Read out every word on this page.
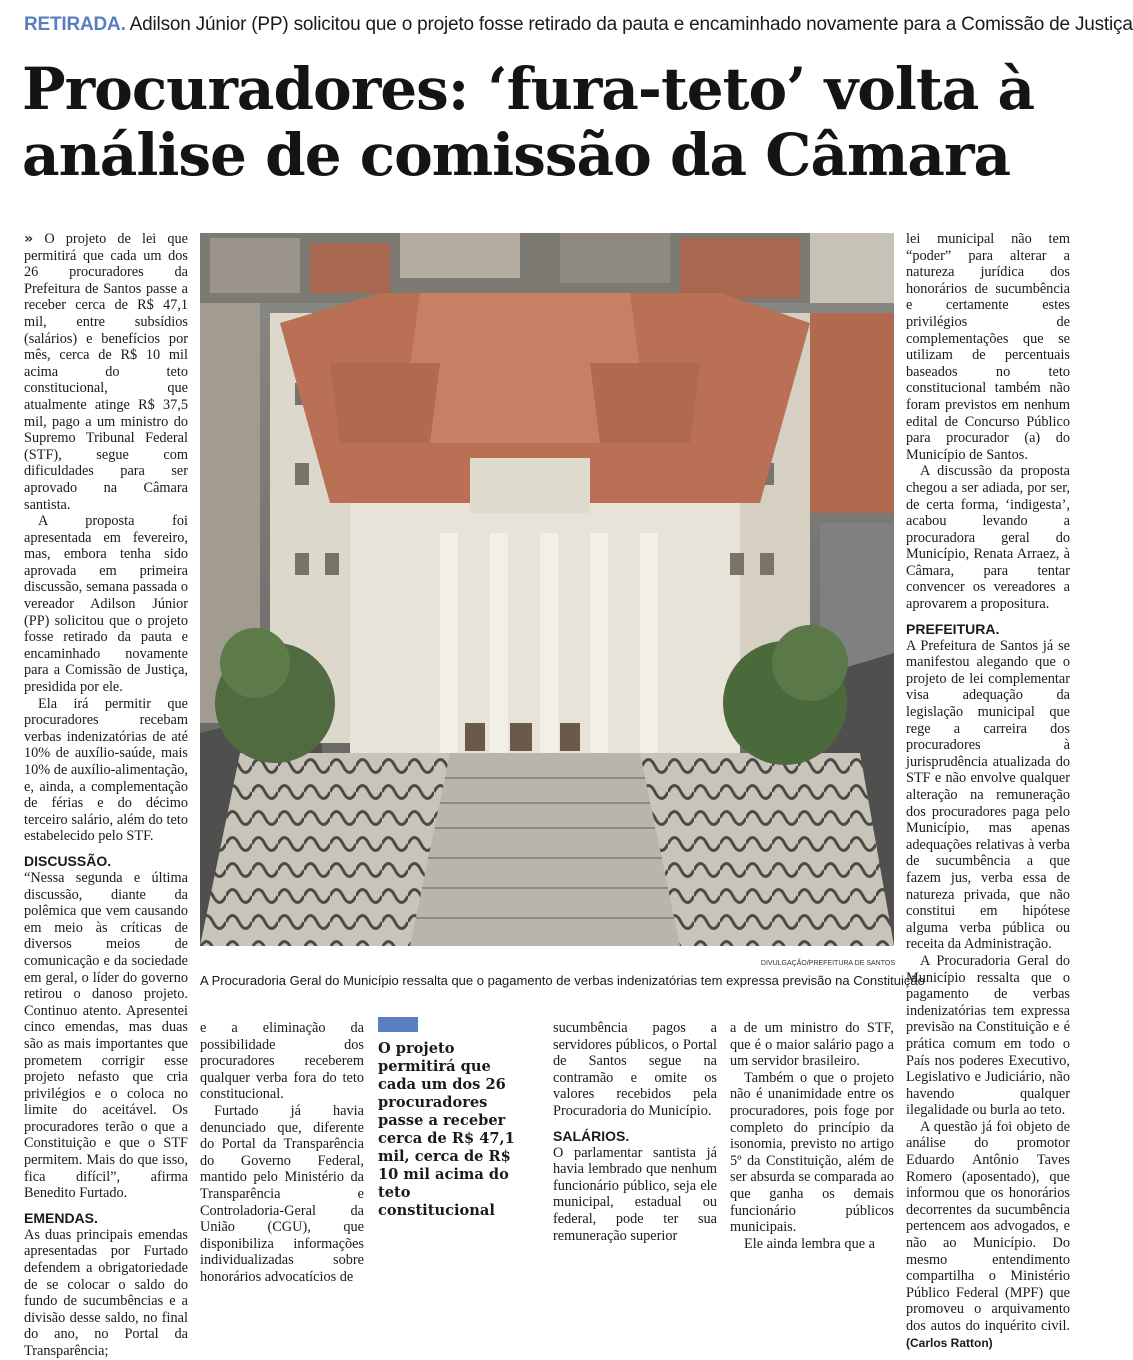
RETIRADA. Adilson Júnior (PP) solicitou que o projeto fosse retirado da pauta e encaminhado novamente para a Comissão de Justiça
Procuradores: ‘fura-teto’ volta à
análise de comissão da Câmara

» O projeto de lei que permitirá que cada um dos 26 procuradores da Prefeitura de Santos passe a receber cerca de R$ 47,1 mil, entre subsídios (salários) e benefícios por mês, cerca de R$ 10 mil acima do teto constitucional, que atualmente atinge R$ 37,5 mil, pago a um ministro do Supremo Tribunal Federal (STF), segue com dificuldades para ser aprovado na Câmara santista.

A proposta foi apresentada em fevereiro, mas, embora tenha sido aprovada em primeira discussão, semana passada o vereador Adilson Júnior (PP) solicitou que o projeto fosse retirado da pauta e encaminhado novamente para a Comissão de Justiça, presidida por ele.

Ela irá permitir que procuradores recebam verbas indenizatórias de até 10% de auxílio-saúde, mais 10% de auxílio-alimentação, e, ainda, a complementação de férias e do décimo terceiro salário, além do teto estabelecido pelo STF.

DISCUSSÃO.

“Nessa segunda e última discussão, diante da polêmica que vem causando em meio às críticas de diversos meios de comunicação e da sociedade em geral, o líder do governo retirou o danoso projeto. Continuo atento. Apresentei cinco emendas, mas duas são as mais importantes que prometem corrigir esse projeto nefasto que cria privilégios e o coloca no limite do aceitável. Os procuradores terão o que a Constituição e que o STF permitem. Mais do que isso, fica difícil”, afirma Benedito Furtado.

EMENDAS.

As duas principais emendas apresentadas por Furtado defendem a obrigatoriedade de se colocar o saldo do fundo de sucumbências e a divisão desse saldo, no final do ano, no Portal da Transparência;

DIVULGAÇÃO/PREFEITURA DE SANTOS
A Procuradoria Geral do Município ressalta que o pagamento de verbas indenizatórias tem expressa previsão na Constituição

e a eliminação da possibilidade dos procuradores receberem qualquer verba fora do teto constitucional.

Furtado já havia denunciado que, diferente do Portal da Transparência do Governo Federal, mantido pelo Ministério da Transparência e Controladoria-Geral da União (CGU), que disponibiliza informações individualizadas sobre honorários advocatícios de

O projeto permitirá que cada um dos 26 procuradores passe a receber cerca de R$ 47,1 mil, cerca de R$ 10 mil acima do teto constitucional

sucumbência pagos a servidores públicos, o Portal de Santos segue na contramão e omite os valores recebidos pela Procuradoria do Município.

SALÁRIOS.

O parlamentar santista já havia lembrado que nenhum funcionário público, seja ele municipal, estadual ou federal, pode ter sua remuneração superior

a de um ministro do STF, que é o maior salário pago a um servidor brasileiro.

Também o que o projeto não é unanimidade entre os procuradores, pois foge por completo do princípio da isonomia, previsto no artigo 5º da Constituição, além de ser absurda se comparada ao que ganha os demais funcionário públicos municipais.

Ele ainda lembra que a

lei municipal não tem “poder” para alterar a natureza jurídica dos honorários de sucumbência e certamente estes privilégios de complementações que se utilizam de percentuais baseados no teto constitucional também não foram previstos em nenhum edital de Concurso Público para procurador (a) do Município de Santos.

A discussão da proposta chegou a ser adiada, por ser, de certa forma, ‘indigesta’, acabou levando a procuradora geral do Município, Renata Arraez, à Câmara, para tentar convencer os vereadores a aprovarem a propositura.

PREFEITURA.

A Prefeitura de Santos já se manifestou alegando que o projeto de lei complementar visa adequação da legislação municipal que rege a carreira dos procuradores à jurisprudência atualizada do STF e não envolve qualquer alteração na remuneração dos procuradores paga pelo Município, mas apenas adequações relativas à verba de sucumbência a que fazem jus, verba essa de natureza privada, que não constitui em hipótese alguma verba pública ou receita da Administração.

A Procuradoria Geral do Município ressalta que o pagamento de verbas indenizatórias tem expressa previsão na Constituição e é prática comum em todo o País nos poderes Executivo, Legislativo e Judiciário, não havendo qualquer ilegalidade ou burla ao teto.

A questão já foi objeto de análise do promotor Eduardo Antônio Taves Romero (aposentado), que informou que os honorários decorrentes da sucumbência pertencem aos advogados, e não ao Município. Do mesmo entendimento compartilha o Ministério Público Federal (MPF) que promoveu o arquivamento dos autos do inquérito civil. (Carlos Ratton)
